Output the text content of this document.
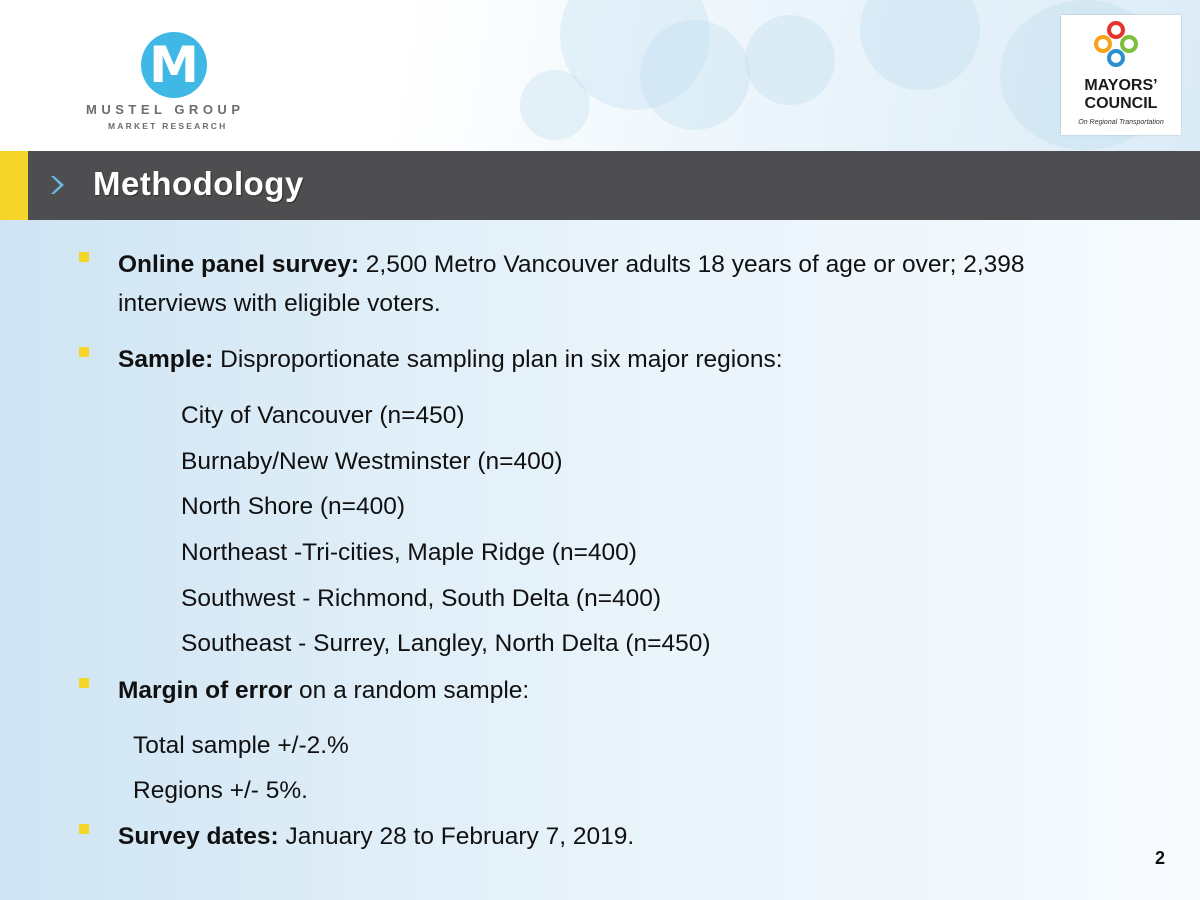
M
MUSTEL GROUP
MARKET RESEARCH
MAYORS’
COUNCIL
On Regional Transportation
Methodology
Online panel survey: 2,500 Metro Vancouver adults 18 years of age or over; 2,398
interviews with eligible voters.
Sample: Disproportionate sampling plan in six major regions:
City of Vancouver (n=450)
Burnaby/New Westminster (n=400)
North Shore (n=400)
Northeast -Tri-cities, Maple Ridge (n=400)
Southwest - Richmond, South Delta (n=400)
Southeast - Surrey, Langley, North Delta (n=450)
Margin of error on a random sample:
Total sample +/-2.%
Regions +/- 5%.
Survey dates: January 28 to February 7, 2019.
2
